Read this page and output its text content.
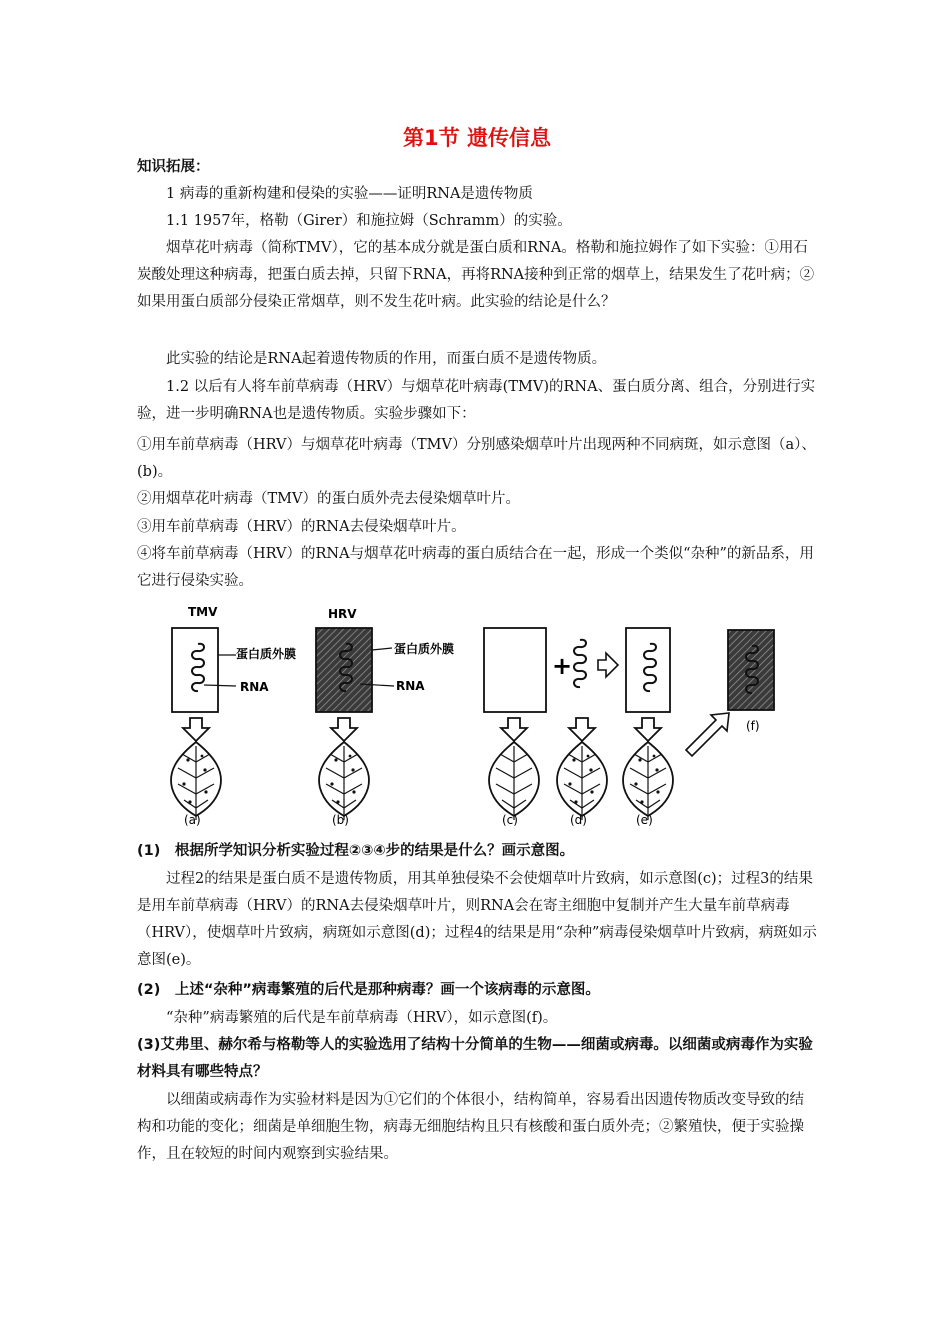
第1节 遗传信息

知识拓展：

1 病毒的重新构建和侵染的实验——证明RNA是遗传物质

1.1 1957年，格勒（Girer）和施拉姆（Schramm）的实验。

烟草花叶病毒（简称TMV），它的基本成分就是蛋白质和RNA。格勒和施拉姆作了如下实验：①用石炭酸处理这种病毒，把蛋白质去掉，只留下RNA，再将RNA接种到正常的烟草上，结果发生了花叶病；②如果用蛋白质部分侵染正常烟草，则不发生花叶病。此实验的结论是什么？

此实验的结论是RNA起着遗传物质的作用，而蛋白质不是遗传物质。

1.2 以后有人将车前草病毒（HRV）与烟草花叶病毒(TMV)的RNA、蛋白质分离、组合，分别进行实验，进一步明确RNA也是遗传物质。实验步骤如下：

①用车前草病毒（HRV）与烟草花叶病毒（TMV）分别感染烟草叶片出现两种不同病斑，如示意图（a）、(b)。

②用烟草花叶病毒（TMV）的蛋白质外壳去侵染烟草叶片。

③用车前草病毒（HRV）的RNA去侵染烟草叶片。

④将车前草病毒（HRV）的RNA与烟草花叶病毒的蛋白质结合在一起，形成一个类似“杂种”的新品系，用它进行侵染实验。

(1)　根据所学知识分析实验过程②③④步的结果是什么？画示意图。

过程2的结果是蛋白质不是遗传物质，用其单独侵染不会使烟草叶片致病，如示意图(c)；过程3的结果是用车前草病毒（HRV）的RNA去侵染烟草叶片，则RNA会在寄主细胞中复制并产生大量车前草病毒（HRV），使烟草叶片致病，病斑如示意图(d)；过程4的结果是用“杂种”病毒侵染烟草叶片致病，病斑如示意图(e)。

(2)　上述“杂种”病毒繁殖的后代是那种病毒？画一个该病毒的示意图。

“杂种”病毒繁殖的后代是车前草病毒（HRV），如示意图(f)。

(3)艾弗里、赫尔希与格勒等人的实验选用了结构十分简单的生物——细菌或病毒。以细菌或病毒作为实验材料具有哪些特点？

以细菌或病毒作为实验材料是因为①它们的个体很小，结构简单，容易看出因遗传物质改变导致的结构和功能的变化；细菌是单细胞生物，病毒无细胞结构且只有核酸和蛋白质外壳；②繁殖快，便于实验操作，且在较短的时间内观察到实验结果。

TMV
蛋白质外膜
RNA
(a)
HRV
蛋白质外膜
RNA
(b)	(c)
+
(d)	(e)
(f)
